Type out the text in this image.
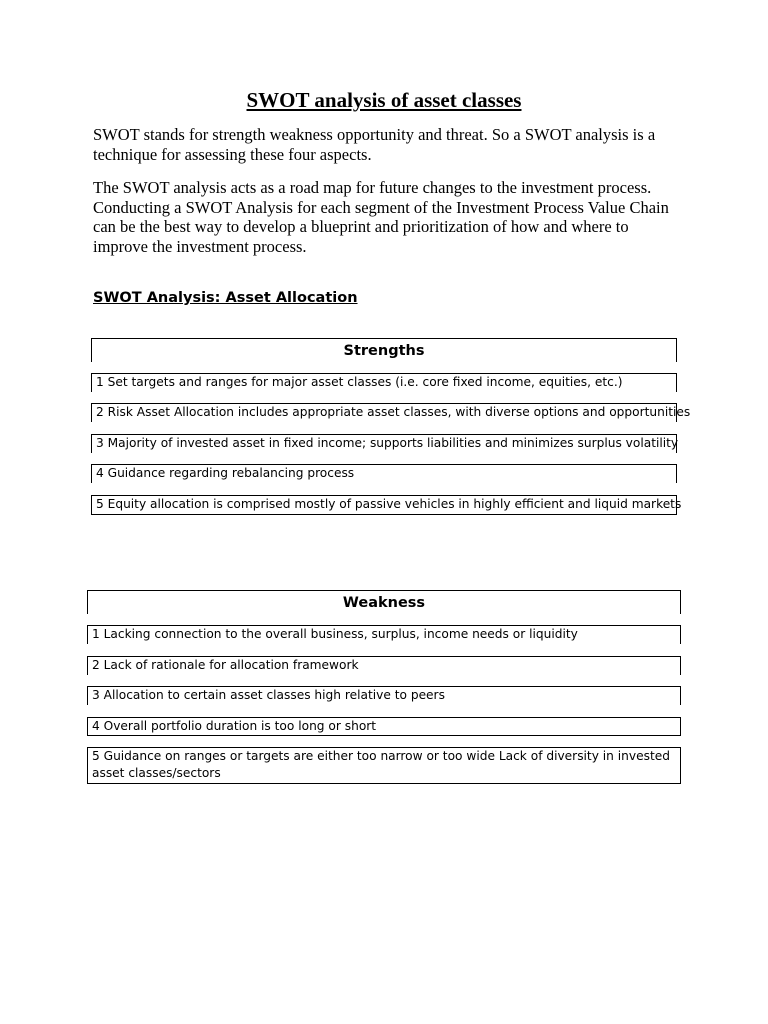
SWOT analysis of asset classes

SWOT stands for strength weakness opportunity and threat. So a SWOT analysis is a technique for assessing these four aspects.

The SWOT analysis acts as a road map for future changes to the investment process. Conducting a SWOT Analysis for each segment of the Investment Process Value Chain can be the best way to develop a blueprint and prioritization of how and where to improve the investment process.

SWOT Analysis: Asset Allocation
Strengths
1 Set targets and ranges for major asset classes (i.e. core fixed income, equities, etc.)
2 Risk Asset Allocation includes appropriate asset classes, with diverse options and opportunities
3 Majority of invested asset in fixed income; supports liabilities and minimizes surplus volatility
4 Guidance regarding rebalancing process
5 Equity allocation is comprised mostly of passive vehicles in highly efficient and liquid markets
Weakness
1 Lacking connection to the overall business, surplus, income needs or liquidity
2 Lack of rationale for allocation framework
3 Allocation to certain asset classes high relative to peers
4 Overall portfolio duration is too long or short
5 Guidance on ranges or targets are either too narrow or too wide Lack of diversity in invested asset classes/sectors
